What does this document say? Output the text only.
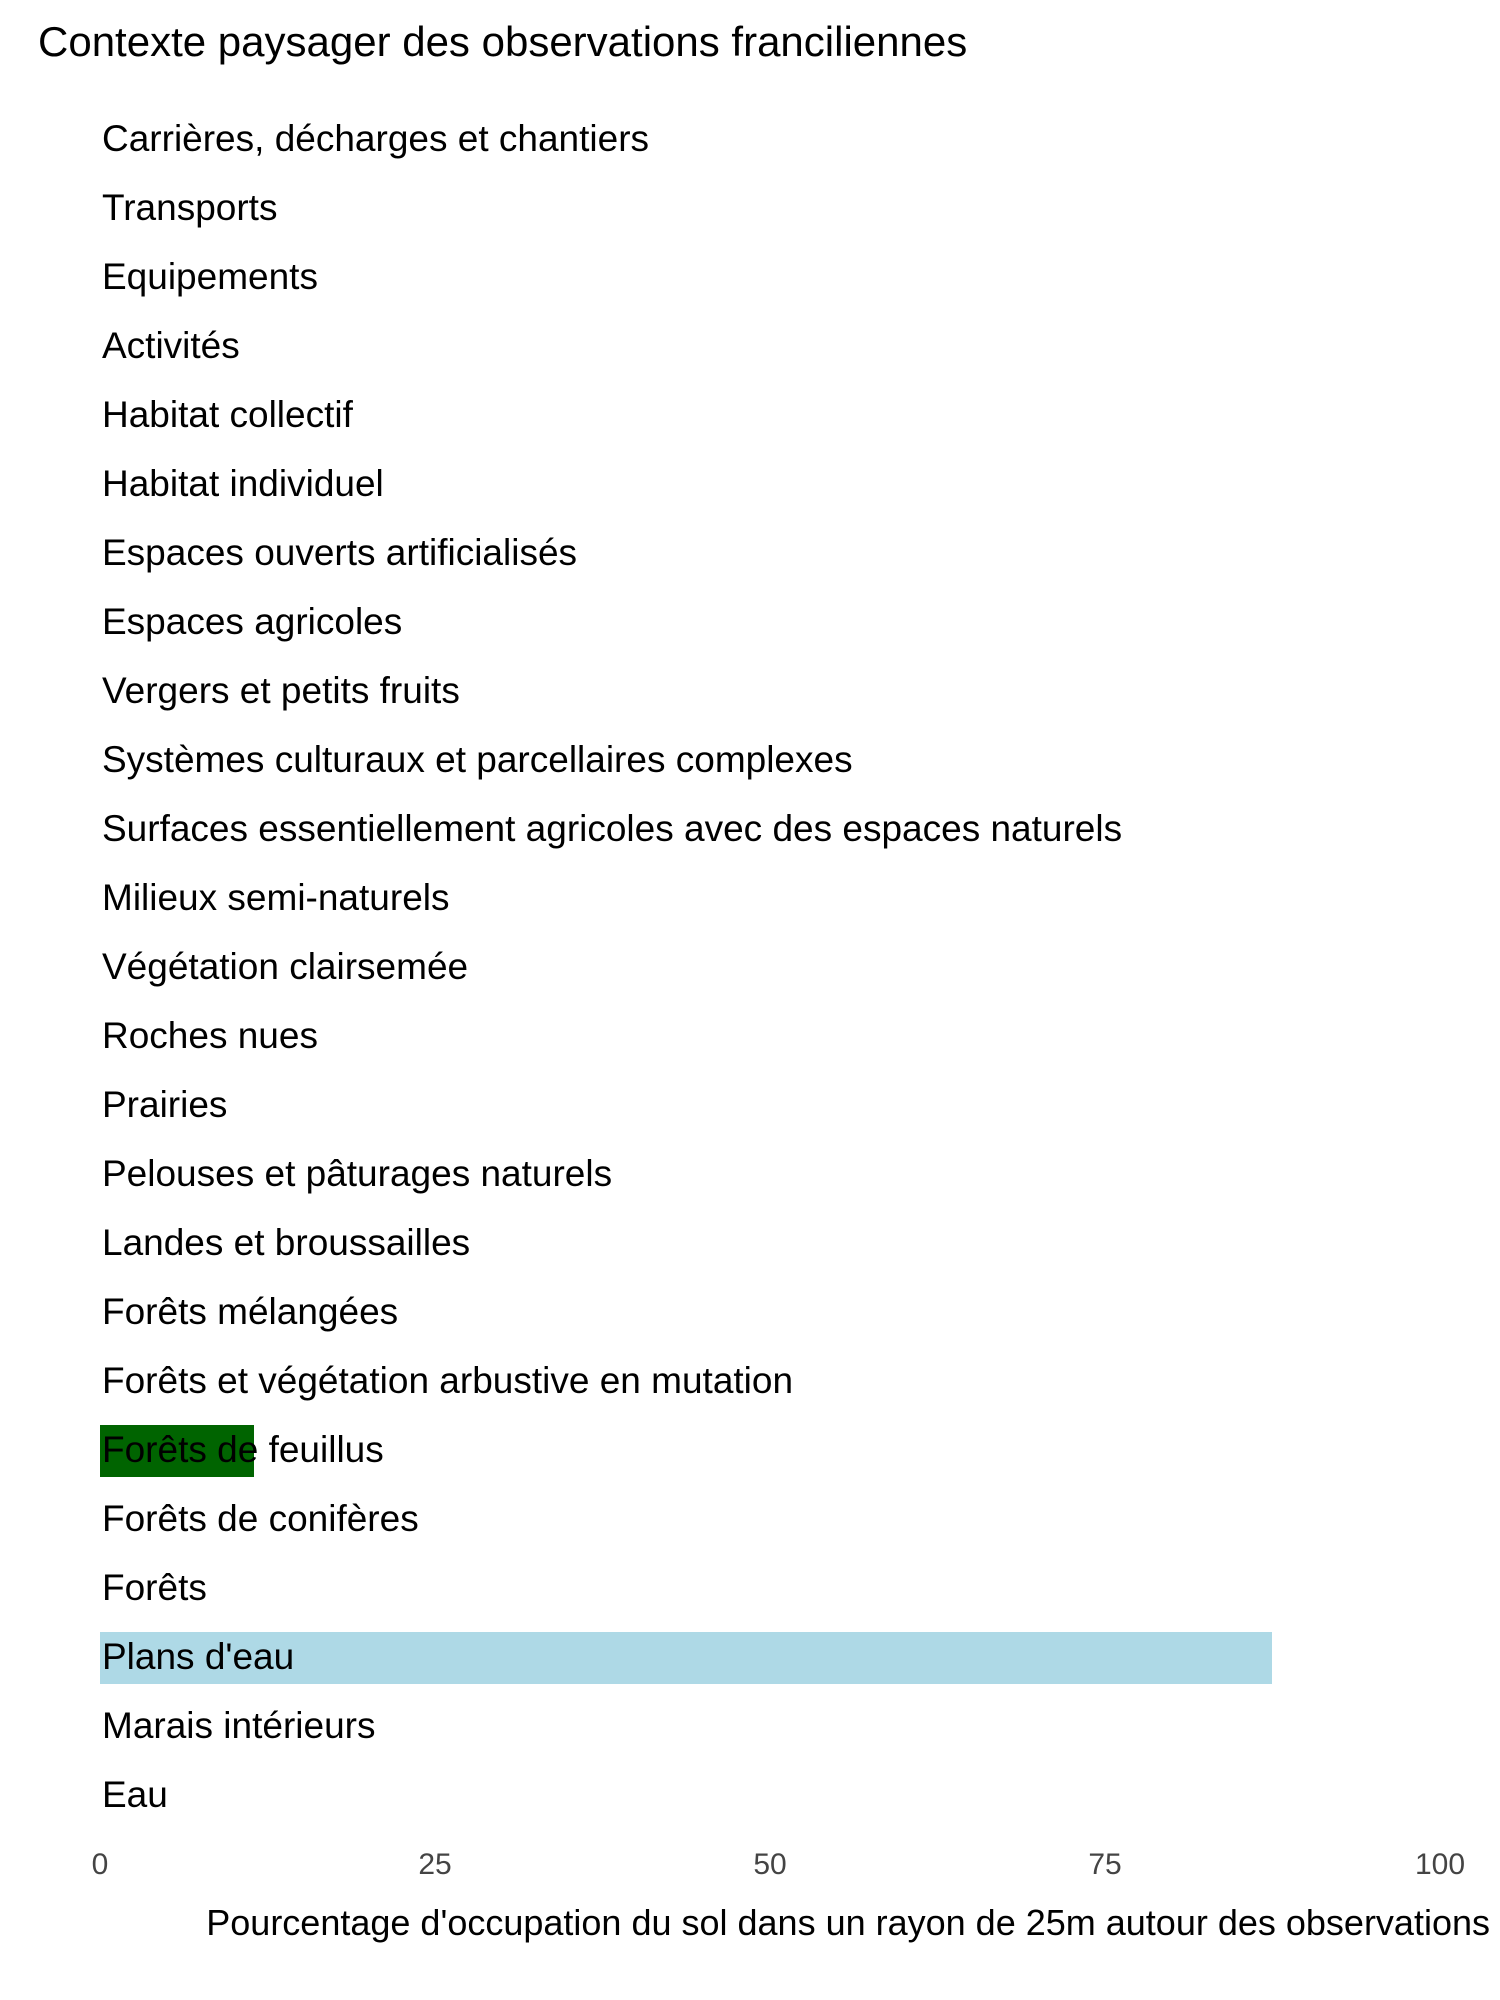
Contexte paysager des observations franciliennes
Carrières, décharges et chantiers
Transports
Equipements
Activités
Habitat collectif
Habitat individuel
Espaces ouverts artificialisés
Espaces agricoles
Vergers et petits fruits
Systèmes culturaux et parcellaires complexes
Surfaces essentiellement agricoles avec des espaces naturels
Milieux semi-naturels
Végétation clairsemée
Roches nues
Prairies
Pelouses et pâturages naturels
Landes et broussailles
Forêts mélangées
Forêts et végétation arbustive en mutation
Forêts de feuillus
Forêts de conifères
Forêts
Plans d'eau
Marais intérieurs
Eau
0	25	50	75	100
Pourcentage d'occupation du sol dans un rayon de 25m autour des observations
